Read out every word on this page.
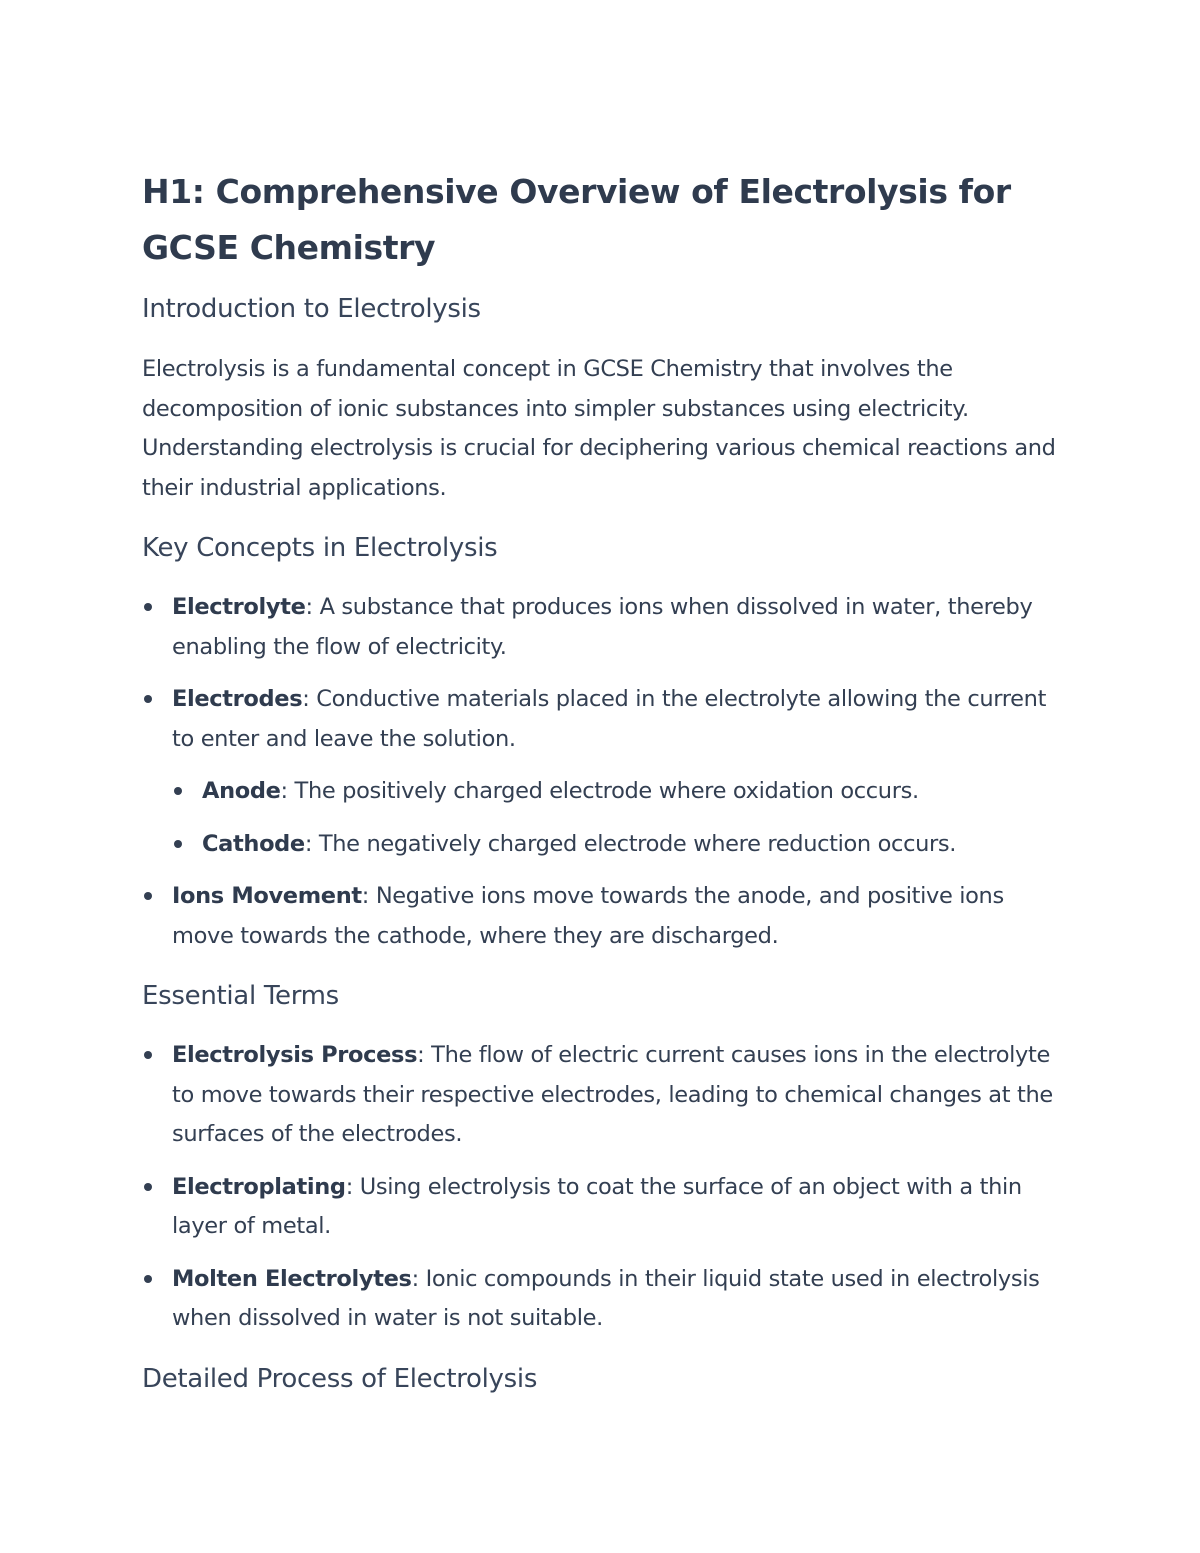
H1: Comprehensive Overview of Electrolysis for GCSE Chemistry
Introduction to Electrolysis

Electrolysis is a fundamental concept in GCSE Chemistry that involves the decomposition of ionic substances into simpler substances using electricity. Understanding electrolysis is crucial for deciphering various chemical reactions and their industrial applications.

Key Concepts in Electrolysis
Electrolyte: A substance that produces ions when dissolved in water, thereby enabling the flow of electricity.
Electrodes: Conductive materials placed in the electrolyte allowing the current to enter and leave the solution.
Anode: The positively charged electrode where oxidation occurs.
Cathode: The negatively charged electrode where reduction occurs.
Ions Movement: Negative ions move towards the anode, and positive ions move towards the cathode, where they are discharged.
Essential Terms
Electrolysis Process: The flow of electric current causes ions in the electrolyte to move towards their respective electrodes, leading to chemical changes at the surfaces of the electrodes.
Electroplating: Using electrolysis to coat the surface of an object with a thin layer of metal.
Molten Electrolytes: Ionic compounds in their liquid state used in electrolysis when dissolved in water is not suitable.
Detailed Process of Electrolysis
